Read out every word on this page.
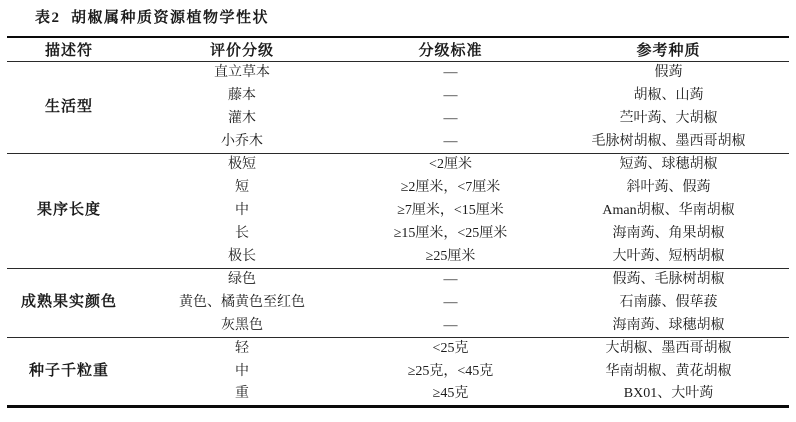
表2  胡椒属种质资源植物学性状
描述符	评价分级	分级标准	参考种质
生活型	直立草本	—	假蒟
	藤本	—	胡椒、山蒟
	灌木	—	苎叶蒟、大胡椒
	小乔木	—	毛脉树胡椒、墨西哥胡椒
果序长度	极短	<2厘米	短蒟、球穗胡椒
	短	≥2厘米，<7厘米	斜叶蒟、假蒟
	中	≥7厘米，<15厘米	Aman胡椒、华南胡椒
	长	≥15厘米，<25厘米	海南蒟、角果胡椒
	极长	≥25厘米	大叶蒟、短柄胡椒
成熟果实颜色	绿色	—	假蒟、毛脉树胡椒
	黄色、橘黄色至红色	—	石南藤、假荜菝
	灰黑色	—	海南蒟、球穗胡椒
种子千粒重	轻	<25克	大胡椒、墨西哥胡椒
	中	≥25克，<45克	华南胡椒、黄花胡椒
	重	≥45克	BX01、大叶蒟
